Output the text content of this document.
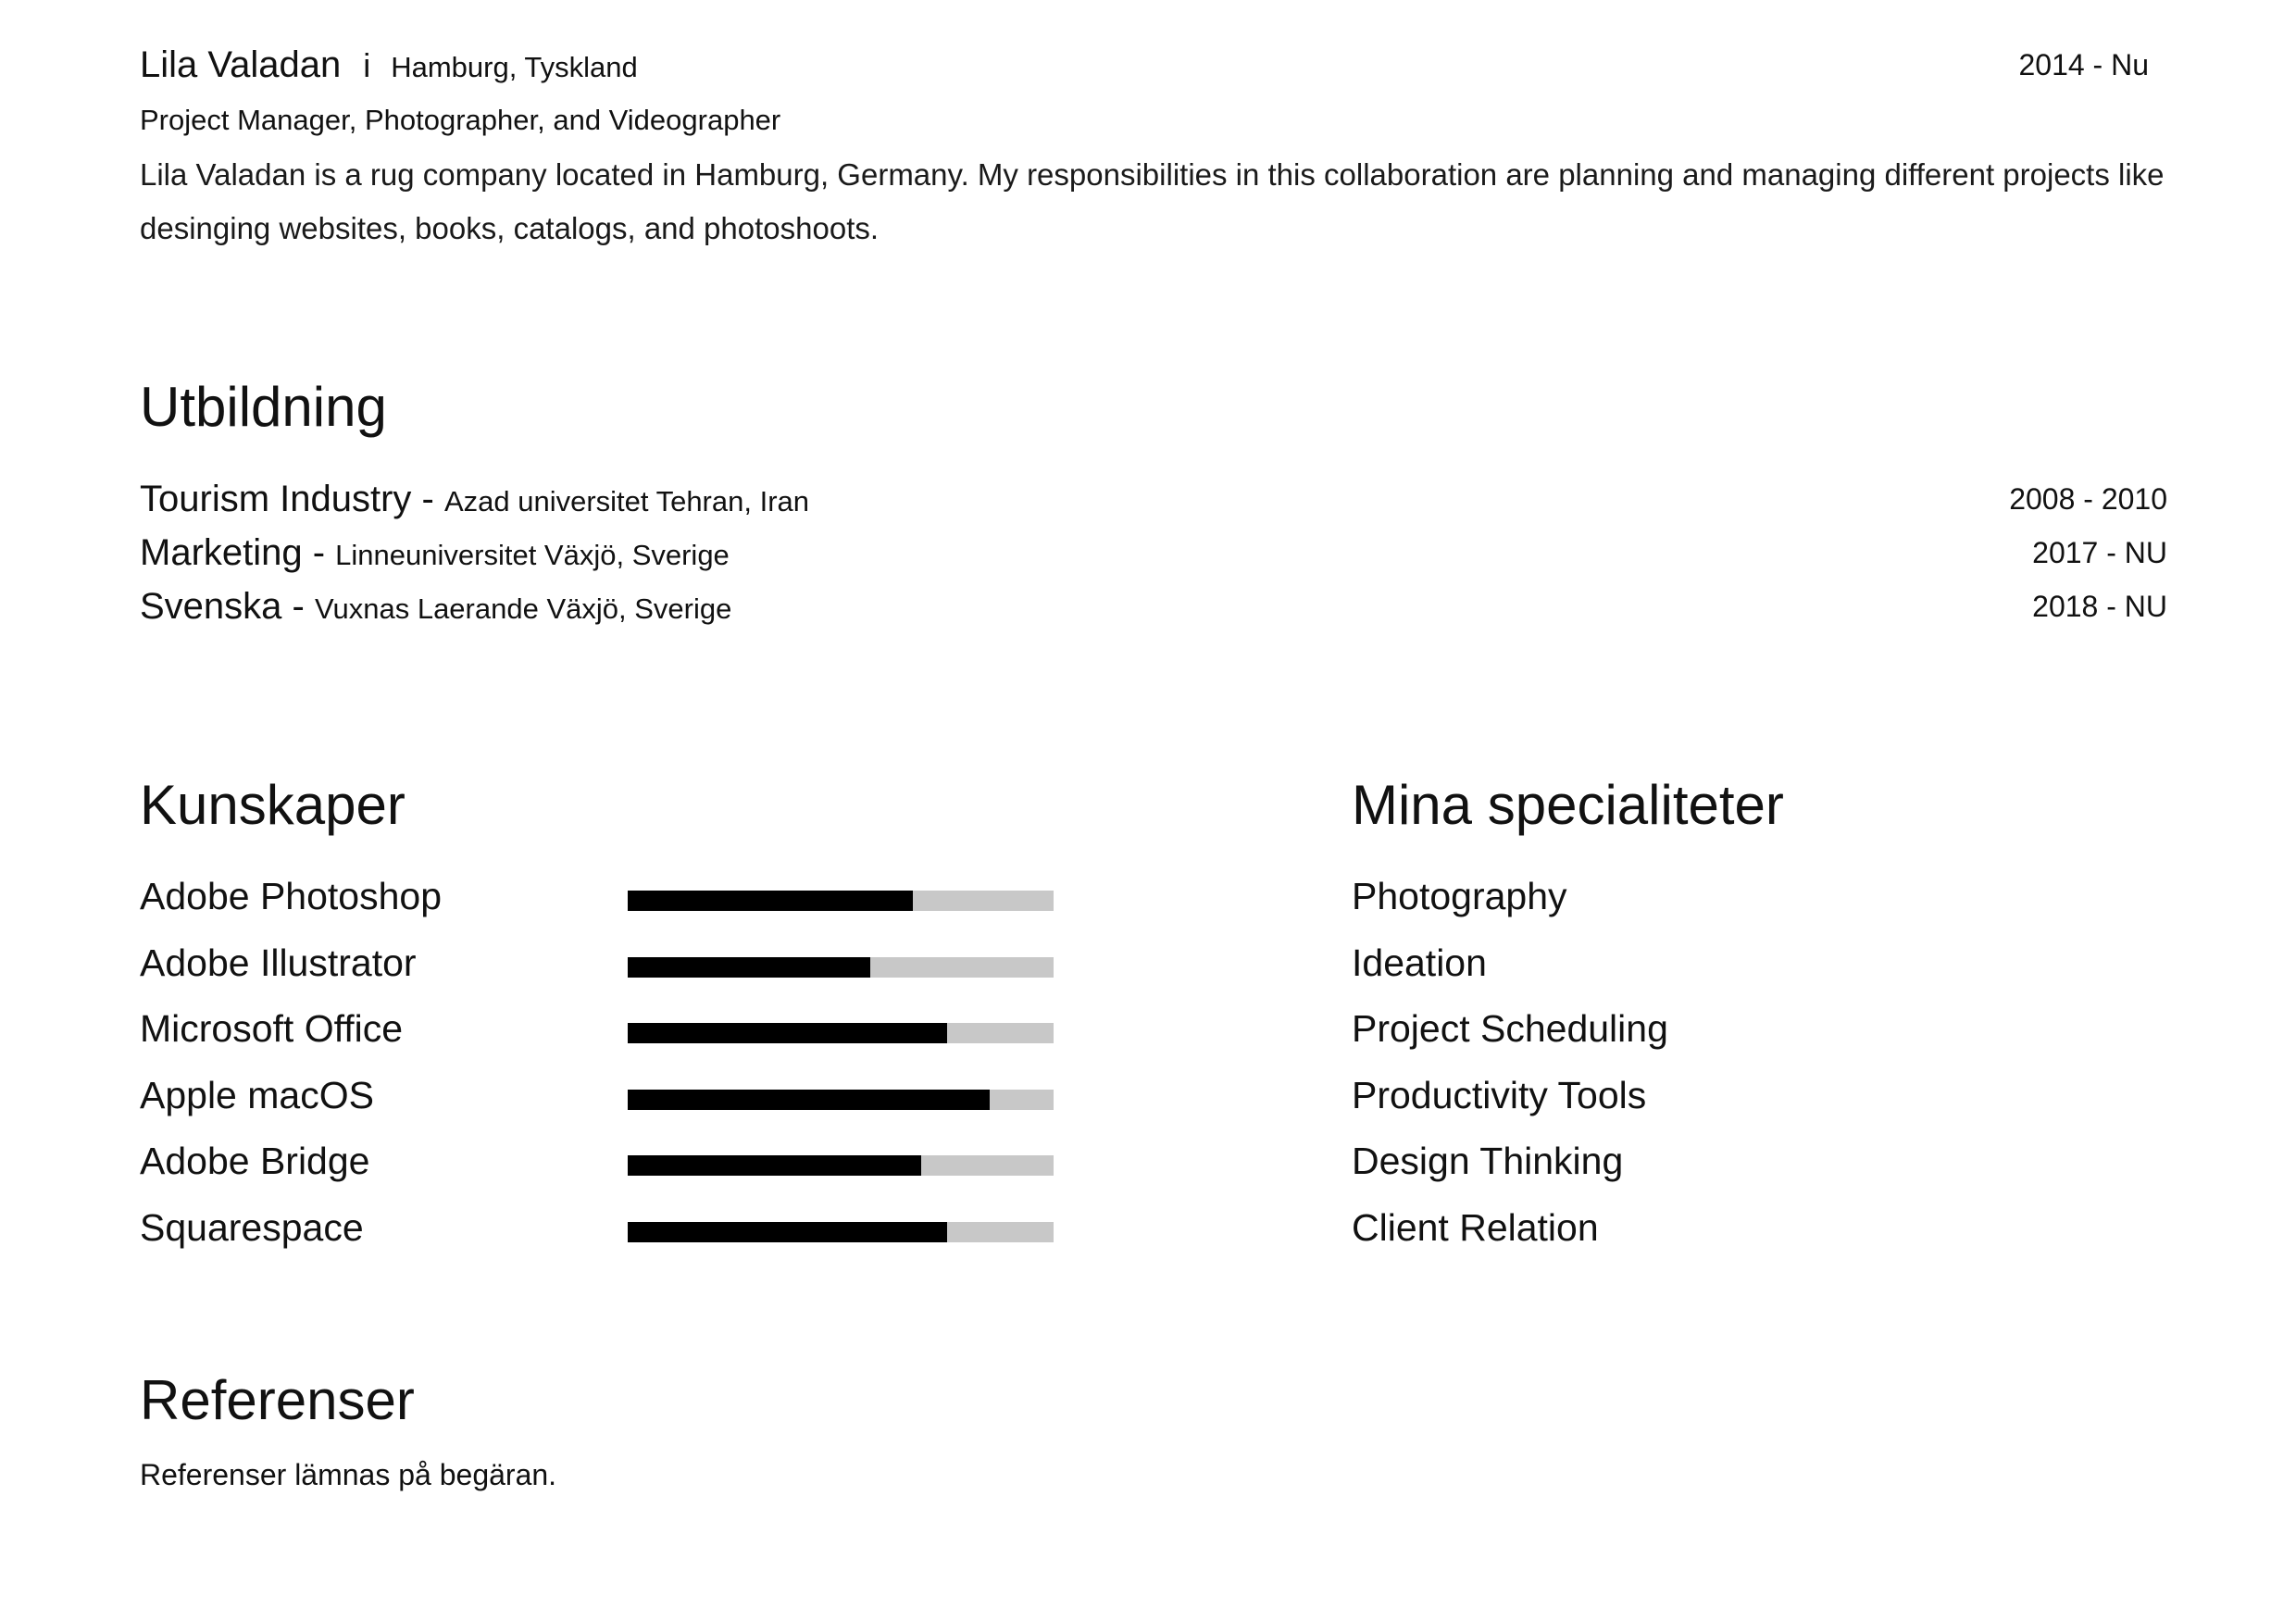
Lila Valadan i Hamburg, Tyskland	2014 - Nu
Project Manager, Photographer, and Videographer
Lila Valadan is a rug company located in Hamburg, Germany. My responsibilities in this collaboration are planning and managing different projects like desinging websites, books, catalogs, and photoshoots.
Utbildning
Tourism Industry - Azad universitet Tehran, Iran	2008 - 2010
Marketing - Linneuniversitet Växjö, Sverige	2017 - NU
Svenska - Vuxnas Laerande Växjö, Sverige	2018 - NU
Kunskaper
Adobe Photoshop
Adobe Illustrator
Microsoft Office
Apple macOS
Adobe Bridge
Squarespace
Mina specialiteter
Photography
Ideation
Project Scheduling
Productivity Tools
Design Thinking
Client Relation
Referenser
Referenser lämnas på begäran.
